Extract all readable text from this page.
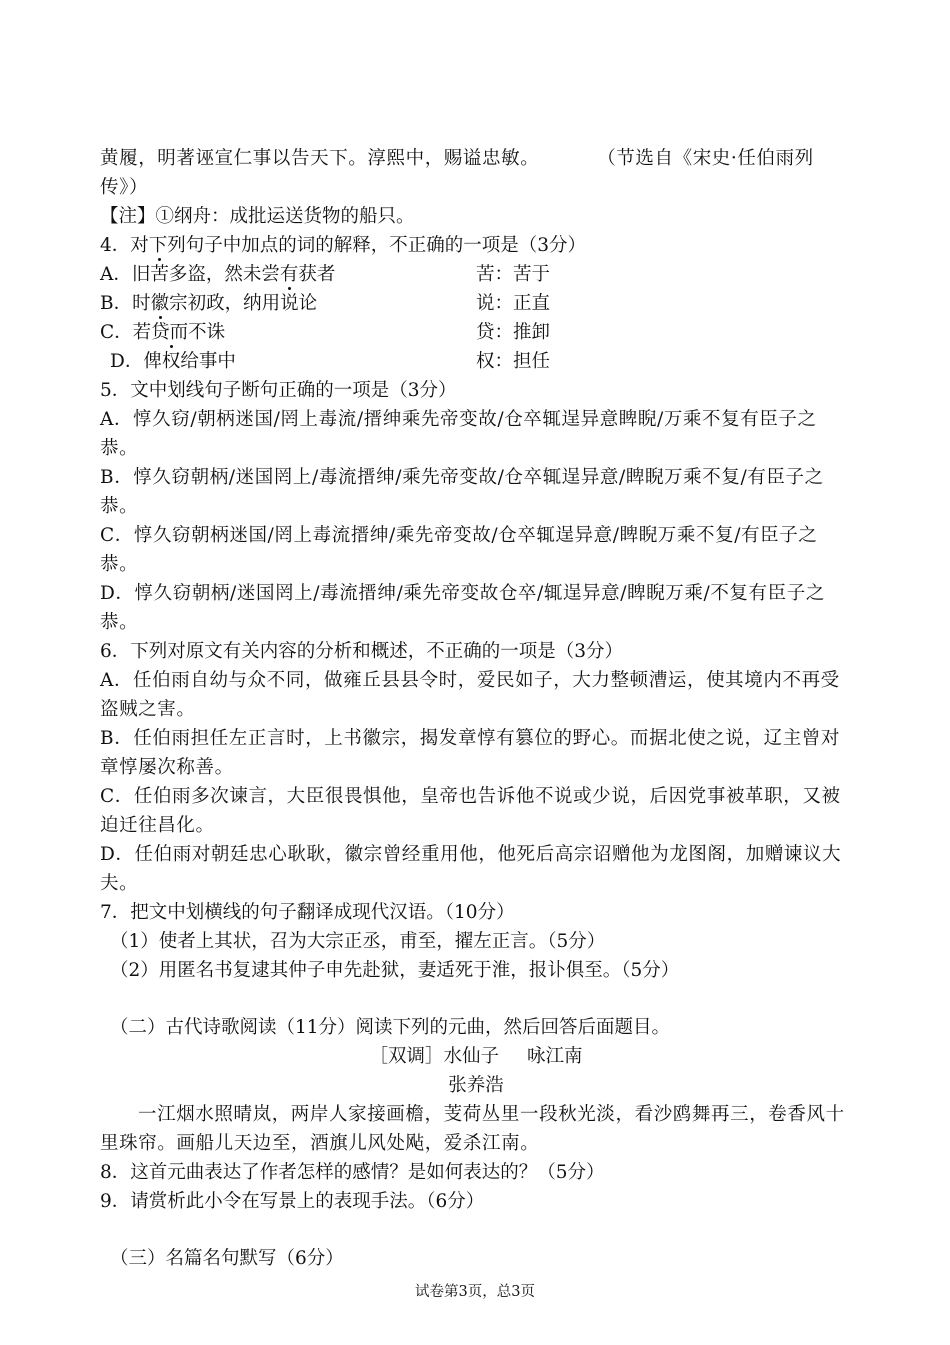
黄履，明著诬宣仁事以告天下。淳熙中，赐谥忠敏。　　　　（节选自《宋史·任伯雨列传》）
【注】①纲舟：成批运送货物的船只。
4．对下列句子中加点的词的解释，不正确的一项是（3分）
A．旧苦多盗，然未尝有获者	苦：苦于
B．时徽宗初政，纳用说论	说：正直
C．若贷而不诛	贷：推卸
D．俾权给事中	权：担任
5．文中划线句子断句正确的一项是（3分）
A．惇久窃/朝柄迷国/罔上毒流/搢绅乘先帝变故/仓卒辄逞异意睥睨/万乘不复有臣子之恭。
B．惇久窃朝柄/迷国罔上/毒流搢绅/乘先帝变故/仓卒辄逞异意/睥睨万乘不复/有臣子之恭。
C．惇久窃朝柄迷国/罔上毒流搢绅/乘先帝变故/仓卒辄逞异意/睥睨万乘不复/有臣子之恭。
D．惇久窃朝柄/迷国罔上/毒流搢绅/乘先帝变故仓卒/辄逞异意/睥睨万乘/不复有臣子之恭。
6．下列对原文有关内容的分析和概述，不正确的一项是（3分）
A．任伯雨自幼与众不同，做雍丘县县令时，爱民如子，大力整顿漕运，使其境内不再受盗贼之害。
B．任伯雨担任左正言时，上书徽宗，揭发章惇有篡位的野心。而据北使之说，辽主曾对章惇屡次称善。
C．任伯雨多次谏言，大臣很畏惧他，皇帝也告诉他不说或少说，后因党事被革职，又被迫迁往昌化。
D．任伯雨对朝廷忠心耿耿，徽宗曾经重用他，他死后高宗诏赠他为龙图阁，加赠谏议大夫。
7．把文中划横线的句子翻译成现代汉语。（10分）
（1）使者上其状，召为大宗正丞，甫至，擢左正言。（5分）
（2）用匿名书复逮其仲子申先赴狱，妻适死于淮，报讣俱至。（5分）
（二）古代诗歌阅读（11分）阅读下列的元曲，然后回答后面题目。
［双调］水仙子 咏江南
张养浩
一江烟水照晴岚，两岸人家接画檐，芰荷丛里一段秋光淡，看沙鸥舞再三，卷香风十里珠帘。画船儿天边至，酒旗儿风处飐，爱杀江南。
8．这首元曲表达了作者怎样的感情？是如何表达的？（5分）
9．请赏析此小令在写景上的表现手法。（6分）
（三）名篇名句默写（6分）
试卷第3页，总3页
